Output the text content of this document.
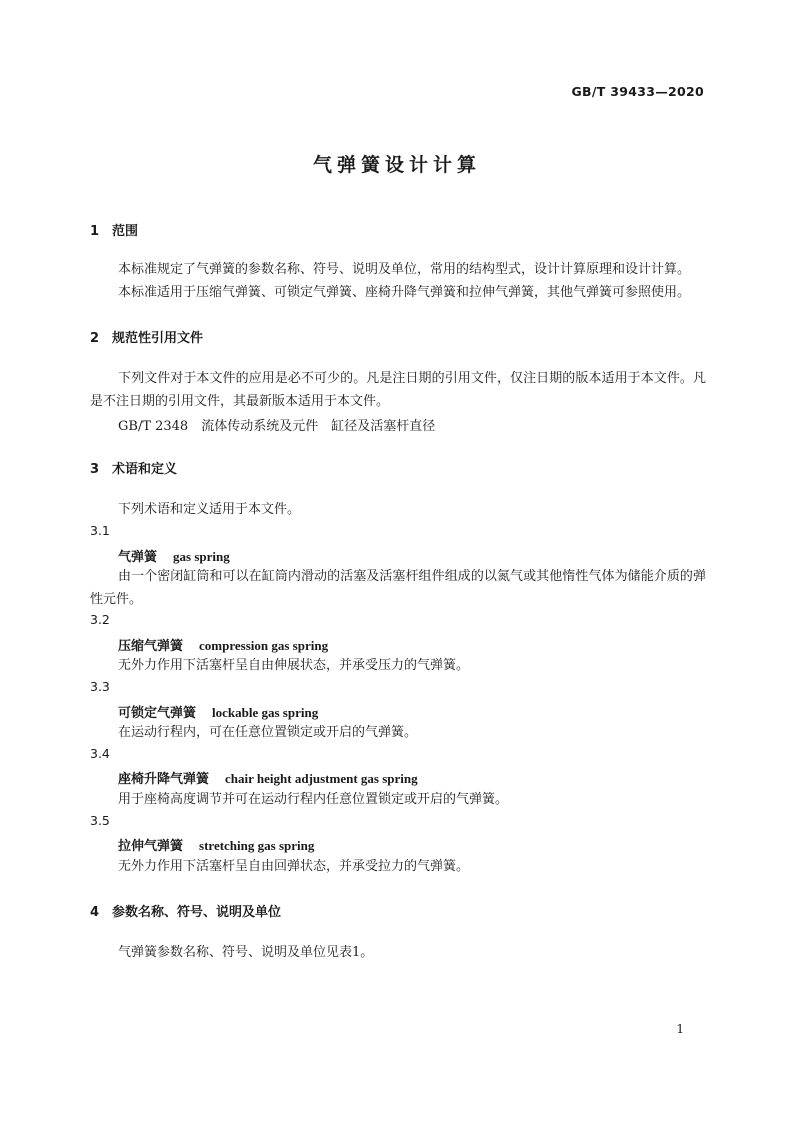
GB/T 39433—2020
气弹簧设计计算
1 范围
本标准规定了气弹簧的参数名称、符号、说明及单位，常用的结构型式，设计计算原理和设计计算。
本标准适用于压缩气弹簧、可锁定气弹簧、座椅升降气弹簧和拉伸气弹簧，其他气弹簧可参照使用。
2 规范性引用文件
下列文件对于本文件的应用是必不可少的。凡是注日期的引用文件，仅注日期的版本适用于本文件。凡是不注日期的引用文件，其最新版本适用于本文件。
GB/T 2348　流体传动系统及元件　缸径及活塞杆直径
3 术语和定义
下列术语和定义适用于本文件。
3.1
气弹簧 gas spring
由一个密闭缸筒和可以在缸筒内滑动的活塞及活塞杆组件组成的以氮气或其他惰性气体为储能介质的弹性元件。
3.2
压缩气弹簧 compression gas spring
无外力作用下活塞杆呈自由伸展状态，并承受压力的气弹簧。
3.3
可锁定气弹簧 lockable gas spring
在运动行程内，可在任意位置锁定或开启的气弹簧。
3.4
座椅升降气弹簧 chair height adjustment gas spring
用于座椅高度调节并可在运动行程内任意位置锁定或开启的气弹簧。
3.5
拉伸气弹簧 stretching gas spring
无外力作用下活塞杆呈自由回弹状态，并承受拉力的气弹簧。
4 参数名称、符号、说明及单位
气弹簧参数名称、符号、说明及单位见表1。
1
